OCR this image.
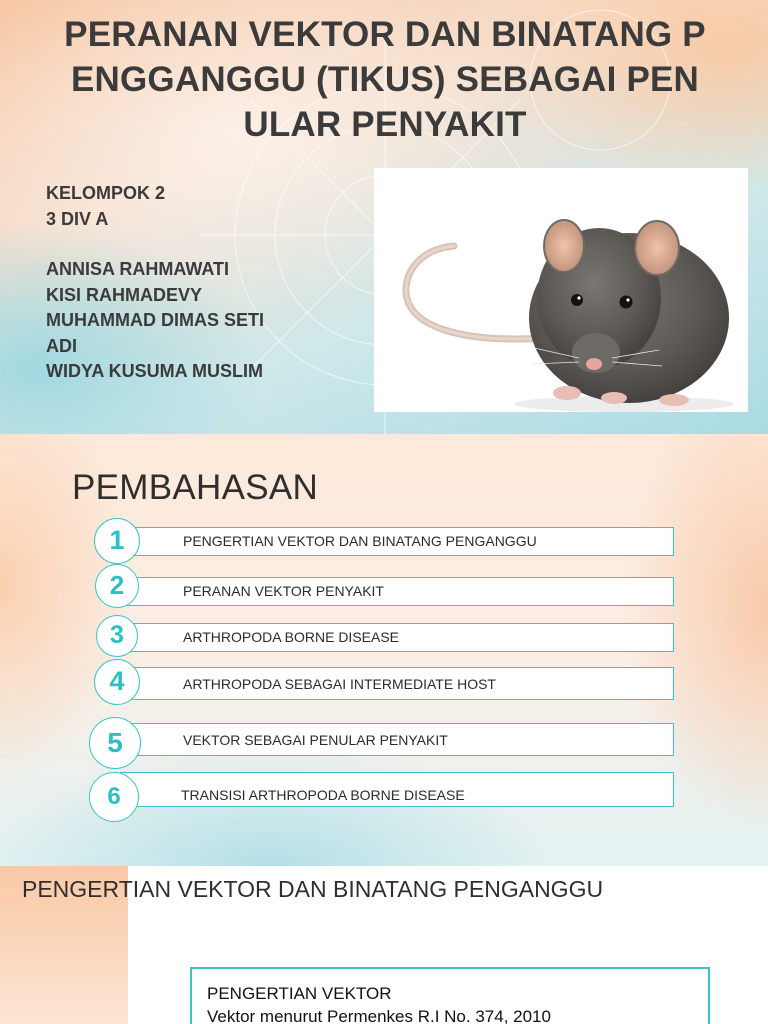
PERANAN VEKTOR DAN BINATANG P
ENGGANGGU (TIKUS) SEBAGAI PEN
ULAR PENYAKIT
KELOMPOK 2
3 DIV A
ANNISA RAHMAWATI
KISI RAHMADEVY
MUHAMMAD DIMAS SETI
ADI
WIDYA KUSUMA MUSLIM
PEMBAHASAN
PENGERTIAN VEKTOR DAN BINATANG PENGANGGU
1
PERANAN VEKTOR PENYAKIT
2
ARTHROPODA BORNE DISEASE
3
ARTHROPODA SEBAGAI INTERMEDIATE HOST
4
VEKTOR SEBAGAI PENULAR PENYAKIT
5
TRANSISI ARTHROPODA BORNE DISEASE
6
PENGERTIAN VEKTOR DAN BINATANG PENGANGGU
PENGERTIAN VEKTOR
Vektor menurut Permenkes R.I No. 374, 2010
